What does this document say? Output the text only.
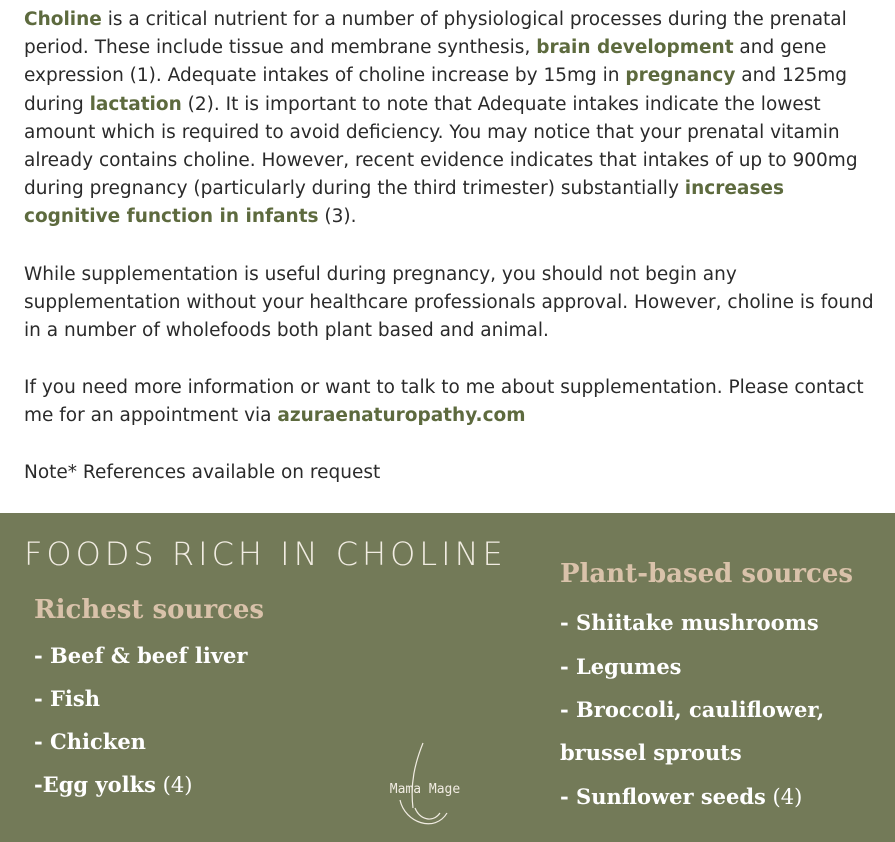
Choline is a critical nutrient for a number of physiological processes during the prenatal period. These include tissue and membrane synthesis, brain development and gene expression (1). Adequate intakes of choline increase by 15mg in pregnancy and 125mg during lactation (2). It is important to note that Adequate intakes indicate the lowest amount which is required to avoid deficiency. You may notice that your prenatal vitamin already contains choline. However, recent evidence indicates that intakes of up to 900mg during pregnancy (particularly during the third trimester) substantially increases cognitive function in infants (3).

While supplementation is useful during pregnancy, you should not begin any supplementation without your healthcare professionals approval. However, choline is found in a number of wholefoods both plant based and animal.

If you need more information or want to talk to me about supplementation. Please contact me for an appointment via azuraenaturopathy.com

Note* References available on request

FOODS RICH IN CHOLINE
Richest sources

- Beef & beef liver

- Fish

- Chicken

-Egg yolks (4)

Plant-based sources

- Shiitake mushrooms

- Legumes

- Broccoli, cauliflower,

brussel sprouts

- Sunflower seeds (4)

Mama Mage
